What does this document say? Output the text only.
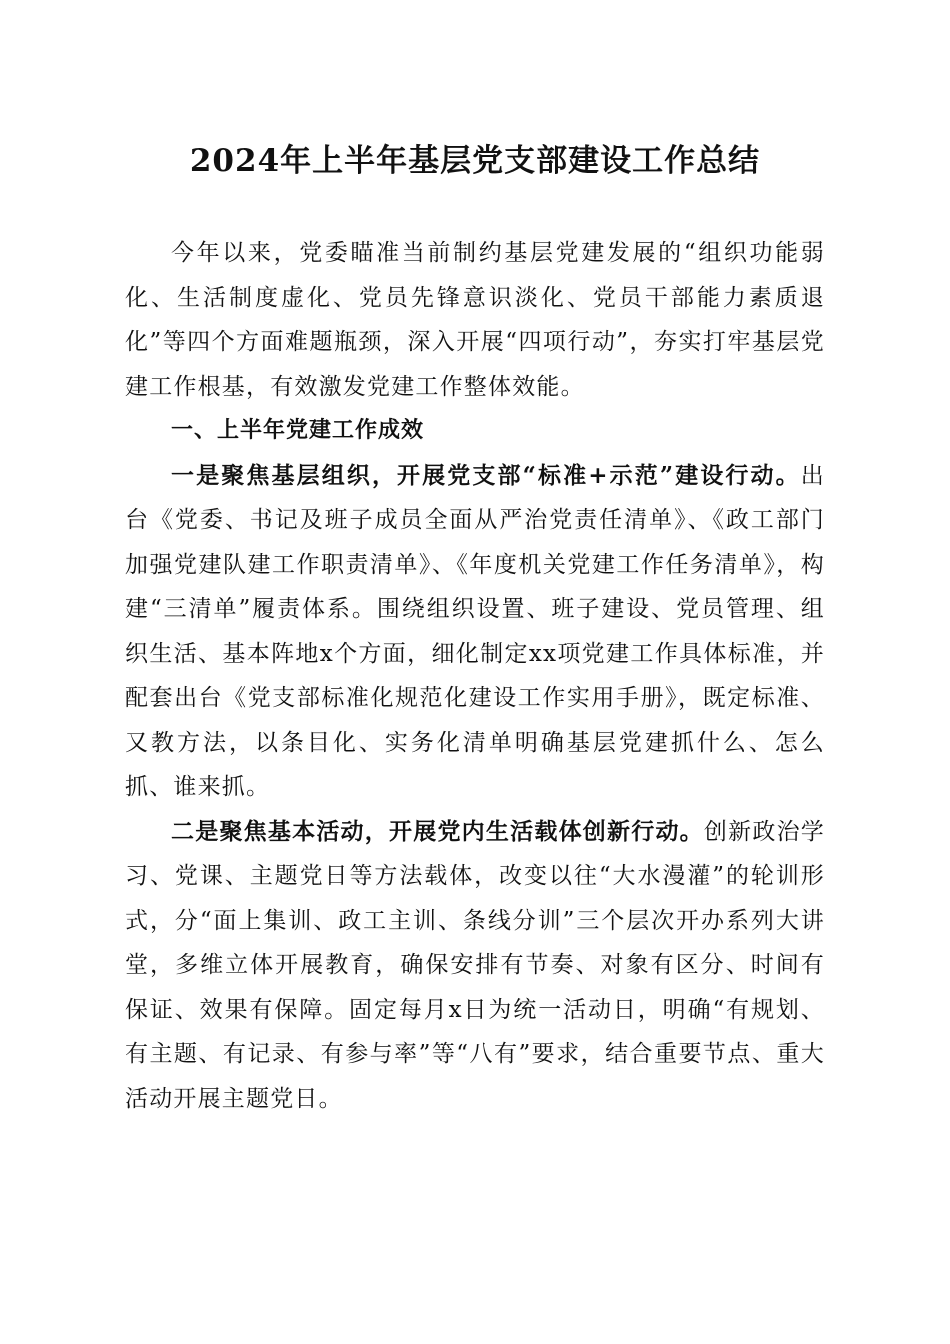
2024年上半年基层党支部建设工作总结

今年以来，党委瞄准当前制约基层党建发展的“组织功能弱化、生活制度虚化、党员先锋意识淡化、党员干部能力素质退化”等四个方面难题瓶颈，深入开展“四项行动”，夯实打牢基层党建工作根基，有效激发党建工作整体效能。

一、上半年党建工作成效

一是聚焦基层组织，开展党支部“标准+示范”建设行动。出台《党委、书记及班子成员全面从严治党责任清单》、《政工部门加强党建队建工作职责清单》、《年度机关党建工作任务清单》，构建“三清单”履责体系。围绕组织设置、班子建设、党员管理、组织生活、基本阵地x个方面，细化制定xx项党建工作具体标准，并配套出台《党支部标准化规范化建设工作实用手册》，既定标准、又教方法，以条目化、实务化清单明确基层党建抓什么、怎么抓、谁来抓。

二是聚焦基本活动，开展党内生活载体创新行动。创新政治学习、党课、主题党日等方法载体，改变以往“大水漫灌”的轮训形式，分“面上集训、政工主训、条线分训”三个层次开办系列大讲堂，多维立体开展教育，确保安排有节奏、对象有区分、时间有保证、效果有保障。固定每月x日为统一活动日，明确“有规划、有主题、有记录、有参与率”等“八有”要求，结合重要节点、重大活动开展主题党日。
